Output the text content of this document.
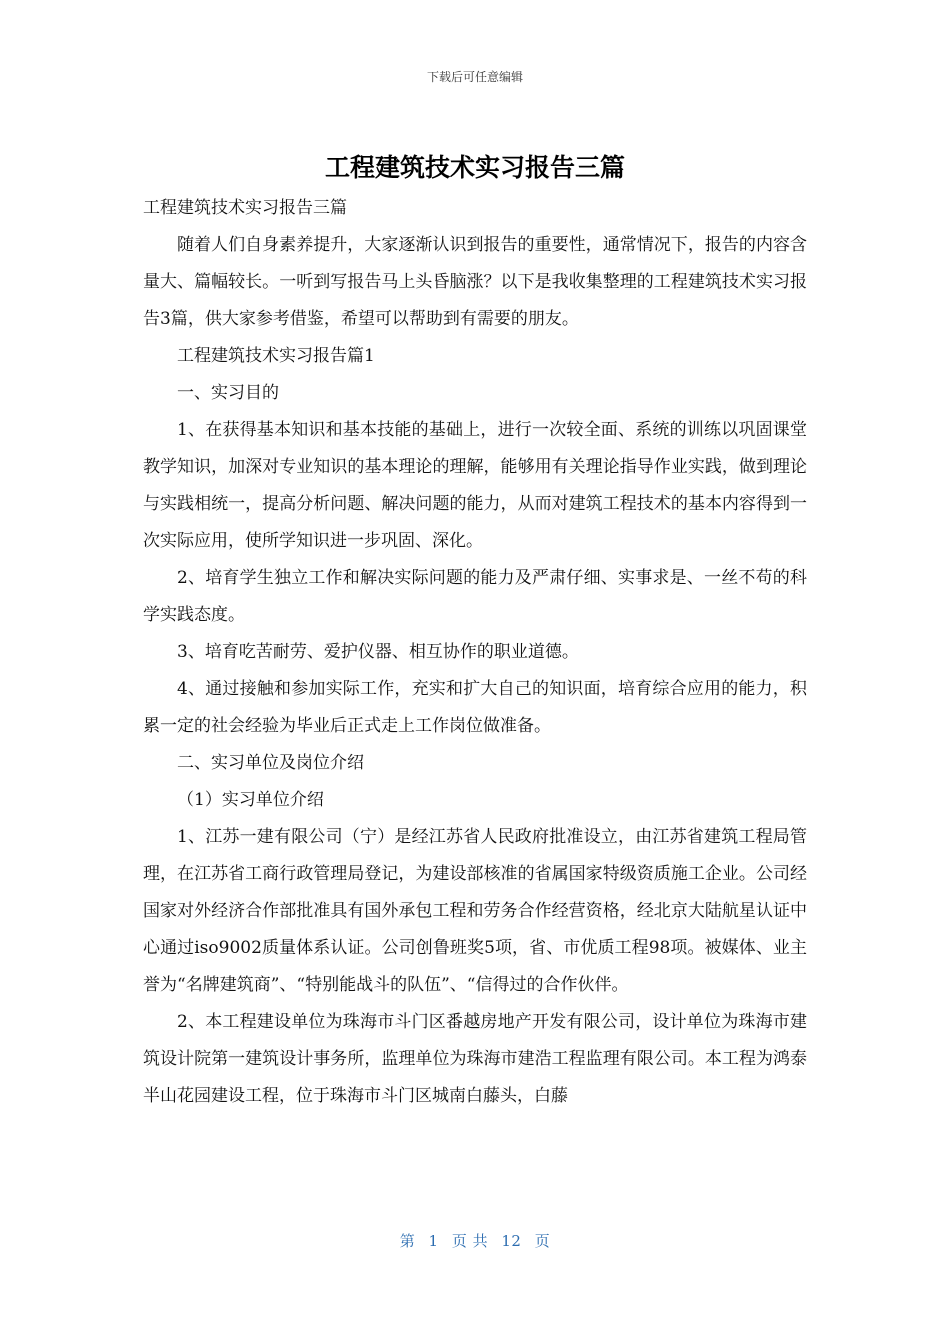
下载后可任意编辑
工程建筑技术实习报告三篇

工程建筑技术实习报告三篇

随着人们自身素养提升，大家逐渐认识到报告的重要性，通常情况下，报告的内容含量大、篇幅较长。一听到写报告马上头昏脑涨？以下是我收集整理的工程建筑技术实习报告3篇，供大家参考借鉴，希望可以帮助到有需要的朋友。

工程建筑技术实习报告篇1

一、实习目的

1、在获得基本知识和基本技能的基础上，进行一次较全面、系统的训练以巩固课堂教学知识，加深对专业知识的基本理论的理解，能够用有关理论指导作业实践，做到理论与实践相统一，提高分析问题、解决问题的能力，从而对建筑工程技术的基本内容得到一次实际应用，使所学知识进一步巩固、深化。

2、培育学生独立工作和解决实际问题的能力及严肃仔细、实事求是、一丝不苟的科学实践态度。

3、培育吃苦耐劳、爱护仪器、相互协作的职业道德。

4、通过接触和参加实际工作，充实和扩大自己的知识面，培育综合应用的能力，积累一定的社会经验为毕业后正式走上工作岗位做准备。

二、实习单位及岗位介绍

（1）实习单位介绍

1、江苏一建有限公司（宁）是经江苏省人民政府批准设立，由江苏省建筑工程局管理，在江苏省工商行政管理局登记，为建设部核准的省属国家特级资质施工企业。公司经国家对外经济合作部批准具有国外承包工程和劳务合作经营资格，经北京大陆航星认证中心通过iso9002质量体系认证。公司创鲁班奖5项，省、市优质工程98项。被媒体、业主誉为“名牌建筑商”、“特别能战斗的队伍”、“信得过的合作伙伴。

2、本工程建设单位为珠海市斗门区番越房地产开发有限公司，设计单位为珠海市建筑设计院第一建筑设计事务所，监理单位为珠海市建浩工程监理有限公司。本工程为鸿泰半山花园建设工程，位于珠海市斗门区城南白藤头，白藤

第 1 页 共 12 页
